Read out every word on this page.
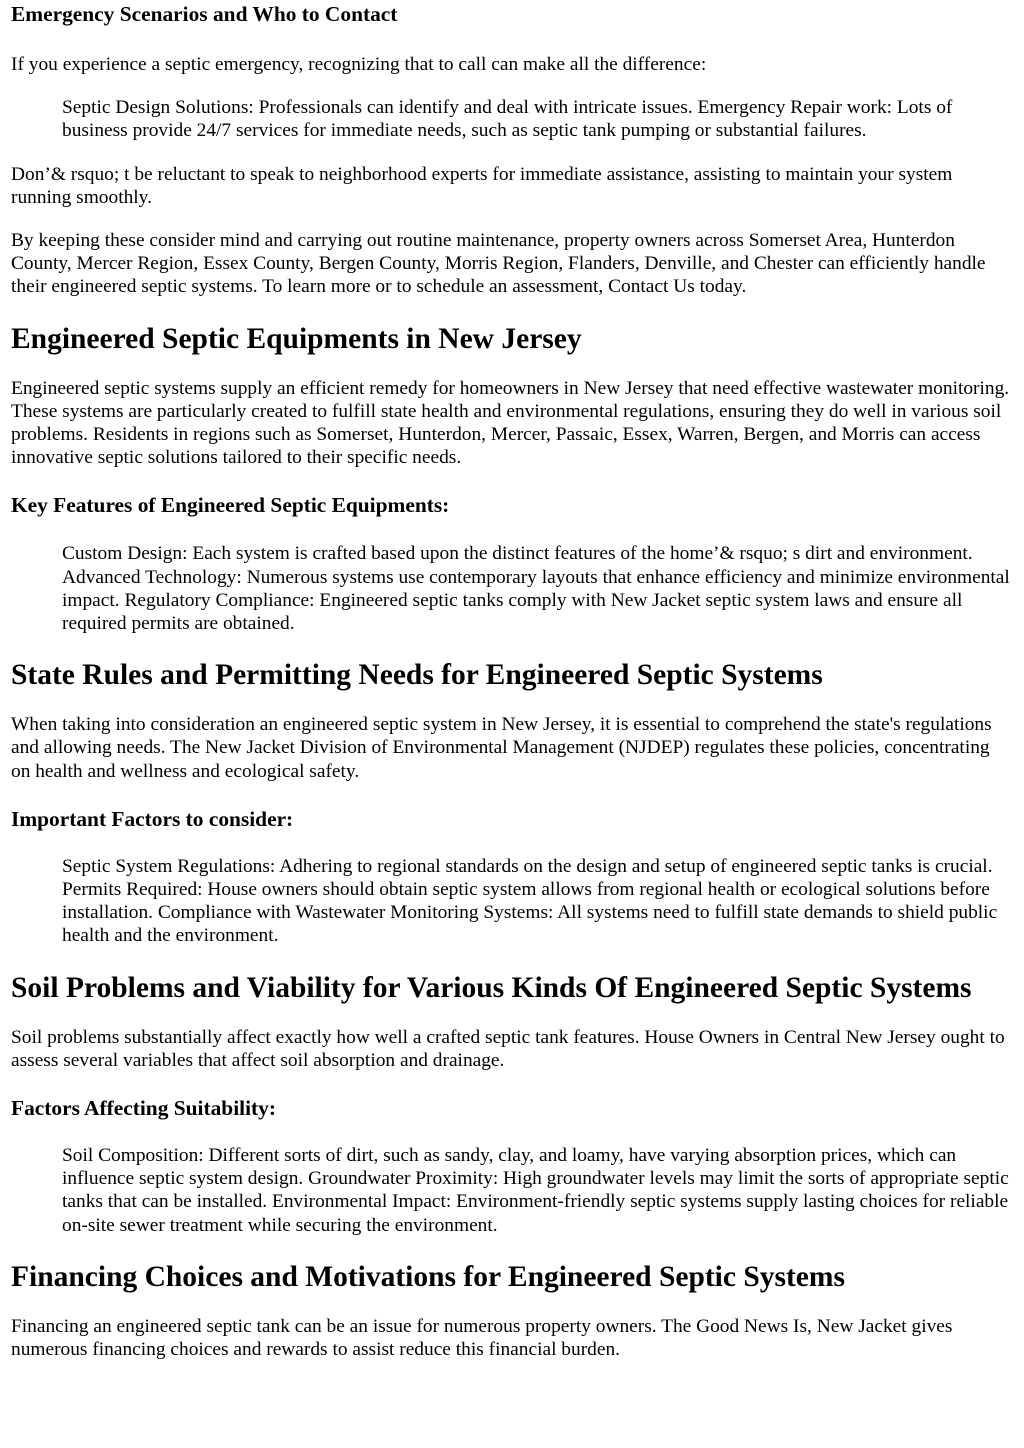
Emergency Scenarios and Who to Contact

If you experience a septic emergency, recognizing that to call can make all the difference:

Septic Design Solutions: Professionals can identify and deal with intricate issues. Emergency Repair work: Lots of business provide 24/7 services for immediate needs, such as septic tank pumping or substantial failures.

Don’& rsquo; t be reluctant to speak to neighborhood experts for immediate assistance, assisting to maintain your system running smoothly.

By keeping these consider mind and carrying out routine maintenance, property owners across Somerset Area, Hunterdon County, Mercer Region, Essex County, Bergen County, Morris Region, Flanders, Denville, and Chester can efficiently handle their engineered septic systems. To learn more or to schedule an assessment, Contact Us today.

Engineered Septic Equipments in New Jersey

Engineered septic systems supply an efficient remedy for homeowners in New Jersey that need effective wastewater monitoring. These systems are particularly created to fulfill state health and environmental regulations, ensuring they do well in various soil problems. Residents in regions such as Somerset, Hunterdon, Mercer, Passaic, Essex, Warren, Bergen, and Morris can access innovative septic solutions tailored to their specific needs.

Key Features of Engineered Septic Equipments:
Custom Design: Each system is crafted based upon the distinct features of the home’& rsquo; s dirt and environment. Advanced Technology: Numerous systems use contemporary layouts that enhance efficiency and minimize environmental impact. Regulatory Compliance: Engineered septic tanks comply with New Jacket septic system laws and ensure all required permits are obtained.
State Rules and Permitting Needs for Engineered Septic Systems

When taking into consideration an engineered septic system in New Jersey, it is essential to comprehend the state's regulations and allowing needs. The New Jacket Division of Environmental Management (NJDEP) regulates these policies, concentrating on health and wellness and ecological safety.

Important Factors to consider:
Septic System Regulations: Adhering to regional standards on the design and setup of engineered septic tanks is crucial. Permits Required: House owners should obtain septic system allows from regional health or ecological solutions before installation. Compliance with Wastewater Monitoring Systems: All systems need to fulfill state demands to shield public health and the environment.
Soil Problems and Viability for Various Kinds Of Engineered Septic Systems

Soil problems substantially affect exactly how well a crafted septic tank features. House Owners in Central New Jersey ought to assess several variables that affect soil absorption and drainage.

Factors Affecting Suitability:
Soil Composition: Different sorts of dirt, such as sandy, clay, and loamy, have varying absorption prices, which can influence septic system design. Groundwater Proximity: High groundwater levels may limit the sorts of appropriate septic tanks that can be installed. Environmental Impact: Environment-friendly septic systems supply lasting choices for reliable on-site sewer treatment while securing the environment.
Financing Choices and Motivations for Engineered Septic Systems

Financing an engineered septic tank can be an issue for numerous property owners. The Good News Is, New Jacket gives numerous financing choices and rewards to assist reduce this financial burden.
